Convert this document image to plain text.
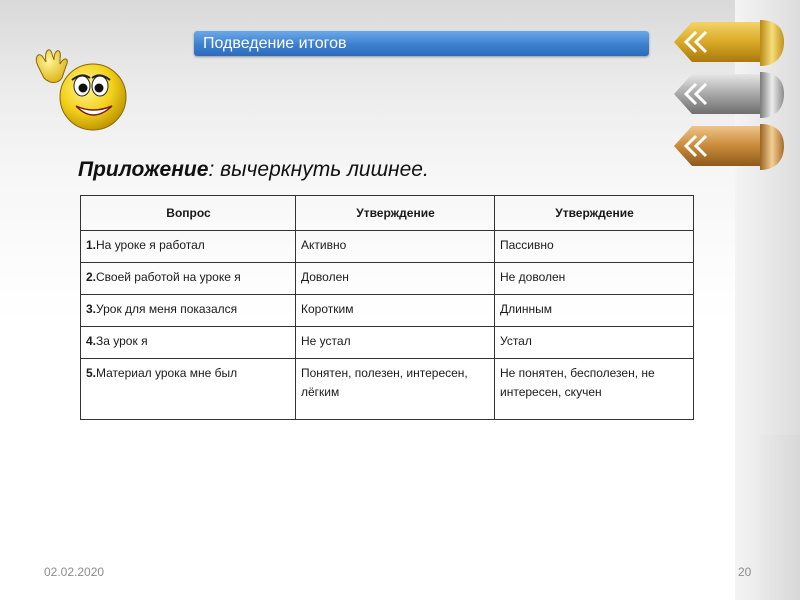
Подведение итогов
Приложение: вычеркнуть лишнее.
Вопрос	Утверждение	Утверждение
1.На уроке я работал	Активно	Пассивно
2.Своей работой на уроке я	Доволен	Не доволен
3.Урок для меня показался	Коротким	Длинным
4.За урок я	Не устал	Устал
5.Материал урока мне был	Понятен, полезен, интересен, лёгким	Не понятен, бесполезен, не интересен, скучен
02.02.2020	20
